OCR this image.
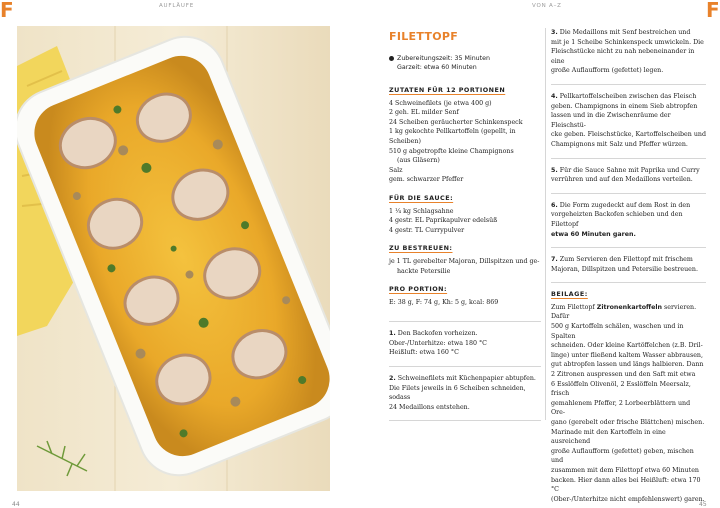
F	F
AUFLÄUFE	VON A–Z
FILETTOPF
Zubereitungszeit: 35 Minuten
Garzeit: etwa 60 Minuten
ZUTATEN FÜR 12 PORTIONEN

4 Schweinefilets (je etwa 400 g)

2 geh. EL milder Senf

24 Scheiben geräucherter Schinkenspeck

1 kg gekochte Pellkartoffeln (gepellt, in Scheiben)

510 g abgetropfte kleine Champignons

(aus Gläsern)

Salz

gem. schwarzer Pfeffer

FÜR DIE SAUCE:

1 ¼ kg Schlagsahne

4 gestr. EL Paprikapulver edelsüß

4 gestr. TL Currypulver

ZU BESTREUEN:

je 1 TL gerebelter Majoran, Dillspitzen und ge-

hackte Petersilie

PRO PORTION:

E: 38 g, F: 74 g, Kh: 5 g, kcal: 869

1. Den Backofen vorheizen.
Ober-/Unterhitze: etwa 180 °C
Heißluft: etwa 160 °C
2. Schweinefilets mit Küchenpapier abtupfen.
Die Filets jeweils in 6 Scheiben schneiden, sodass
24 Medaillons entstehen.
3. Die Medaillons mit Senf bestreichen und
mit je 1 Scheibe Schinkenspeck umwickeln. Die
Fleischstücke nicht zu nah nebeneinander in eine
große Auflaufform (gefettet) legen.
4. Pellkartoffelscheiben zwischen das Fleisch
geben. Champignons in einem Sieb abtropfen
lassen und in die Zwischenräume der Fleischstü-
cke geben. Fleischstücke, Kartoffelscheiben und
Champignons mit Salz und Pfeffer würzen.
5. Für die Sauce Sahne mit Paprika und Curry
verrühren und auf den Medaillons verteilen.
6. Die Form zugedeckt auf dem Rost in den
vorgeheizten Backofen schieben und den Filettopf
etwa 60 Minuten garen.
7. Zum Servieren den Filettopf mit frischem
Majoran, Dillspitzen und Petersilie bestreuen.
BEILAGE:

Zum Filettopf Zitronenkartoffeln servieren. Dafür

500 g Kartoffeln schälen, waschen und in Spalten
schneiden. Oder kleine Kartöffelchen (z.B. Dril-
linge) unter fließend kaltem Wasser abbrausen,
gut abtropfen lassen und längs halbieren. Dann
2 Zitronen auspressen und den Saft mit etwa
6 Esslöffeln Olivenöl, 2 Esslöffeln Meersalz, frisch
gemahlenem Pfeffer, 2 Lorbeerblättern und Ore-
gano (gerebelt oder frische Blättchen) mischen.
Marinade mit den Kartoffeln in eine ausreichend
große Auflaufform (gefettet) geben, mischen und
zusammen mit dem Filettopf etwa 60 Minuten
backen. Hier dann alles bei Heißluft: etwa 170 °C
(Ober-/Unterhitze nicht empfehlenswert) garen.

44	45
